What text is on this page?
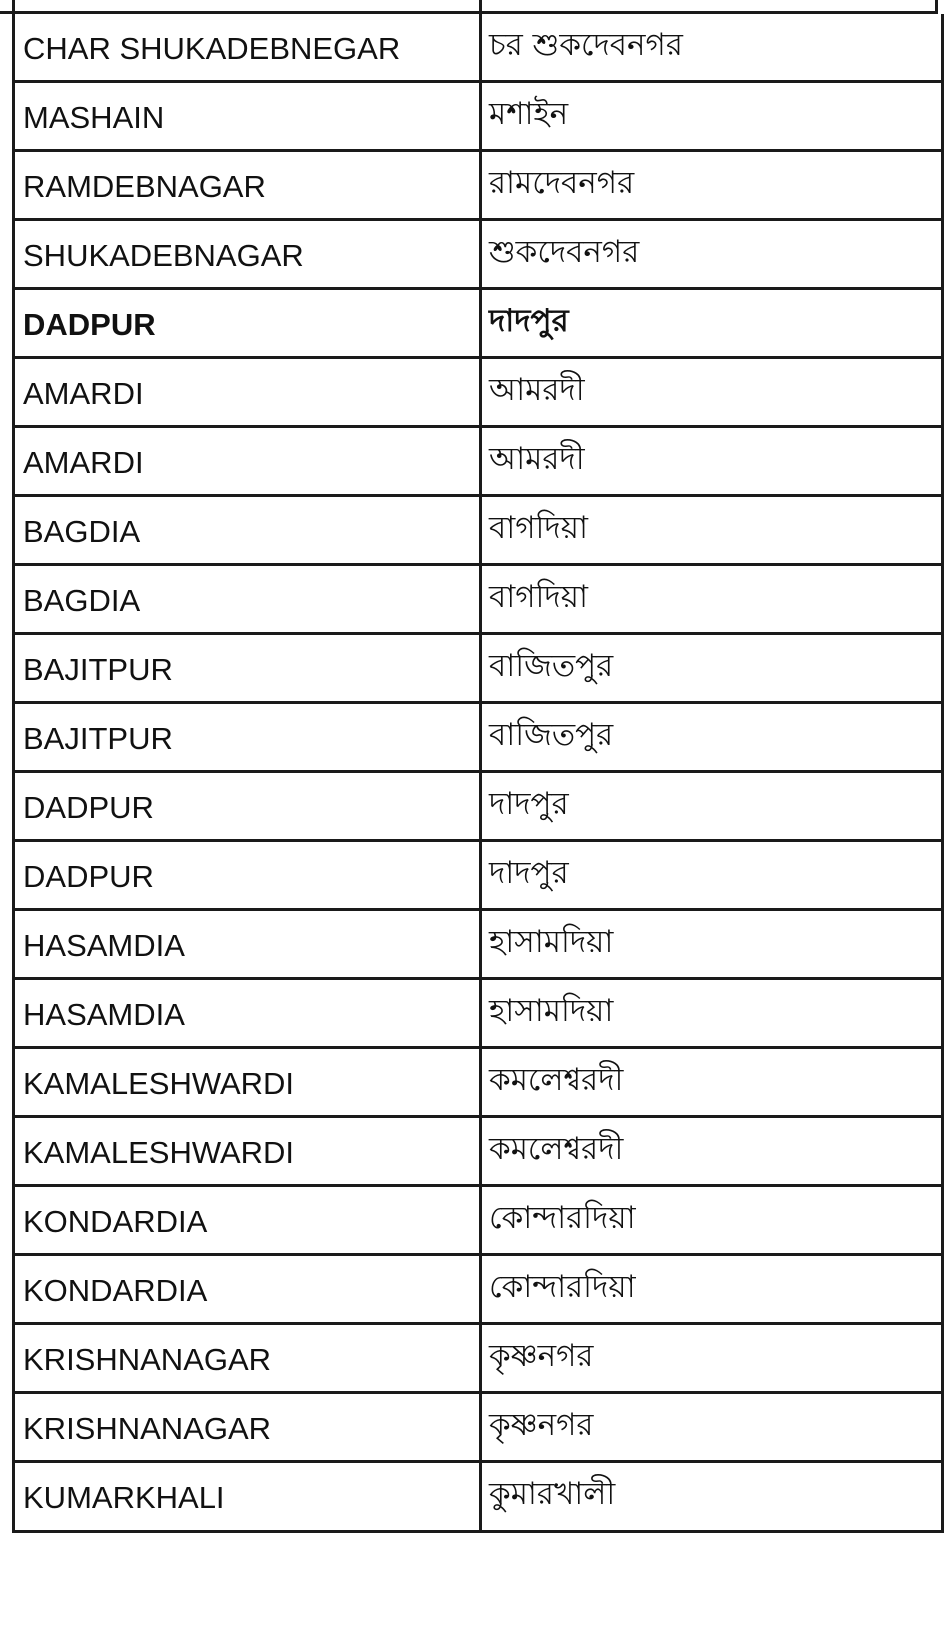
CHAR SHUKADEBNEGAR	চর শুকদেবনগর
MASHAIN	মশাইন
RAMDEBNAGAR	রামদেবনগর
SHUKADEBNAGAR	শুকদেবনগর
DADPUR	দাদপুর
AMARDI	আমরদী
AMARDI	আমরদী
BAGDIA	বাগদিয়া
BAGDIA	বাগদিয়া
BAJITPUR	বাজিতপুর
BAJITPUR	বাজিতপুর
DADPUR	দাদপুর
DADPUR	দাদপুর
HASAMDIA	হাসামদিয়া
HASAMDIA	হাসামদিয়া
KAMALESHWARDI	কমলেশ্বরদী
KAMALESHWARDI	কমলেশ্বরদী
KONDARDIA	কোন্দারদিয়া
KONDARDIA	কোন্দারদিয়া
KRISHNANAGAR	কৃষ্ণনগর
KRISHNANAGAR	কৃষ্ণনগর
KUMARKHALI	কুমারখালী
